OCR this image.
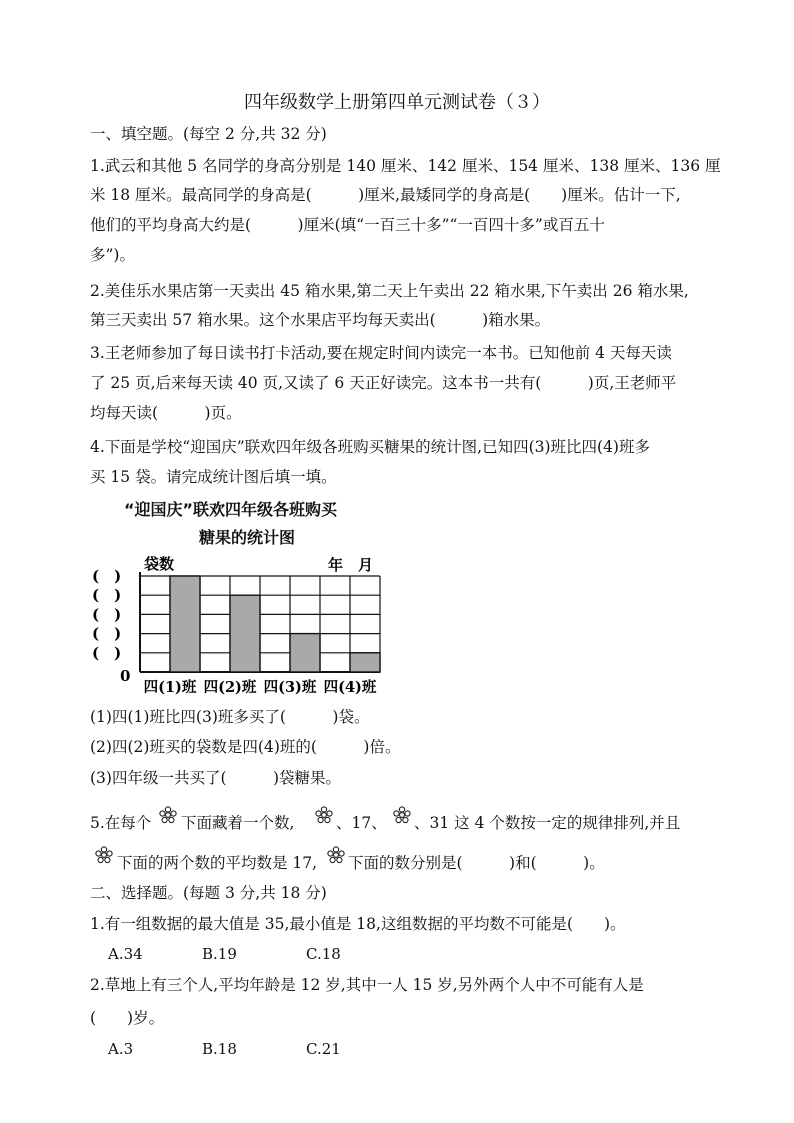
四年级数学上册第四单元测试卷（３）
一、填空题。(每空 2 分,共 32 分)
1.武云和其他 5 名同学的身高分别是 140 厘米、142 厘米、154 厘米、138 厘米、136 厘
米 18 厘米。最高同学的身高是(　　　)厘米,最矮同学的身高是(　　)厘米。估计一下,
他们的平均身高大约是(　　　)厘米(填“一百三十多”“一百四十多”或百五十
多”)。
2.美佳乐水果店第一天卖出 45 箱水果,第二天上午卖出 22 箱水果,下午卖出 26 箱水果,
第三天卖出 57 箱水果。这个水果店平均每天卖出(　　　)箱水果。
3.王老师参加了每日读书打卡活动,要在规定时间内读完一本书。已知他前 4 天每天读
了 25 页,后来每天读 40 页,又读了 6 天正好读完。这本书一共有(　　　)页,王老师平
均每天读(　　　)页。
4.下面是学校“迎国庆”联欢四年级各班购买糖果的统计图,已知四(3)班比四(4)班多
买 15 袋。请完成统计图后填一填。
“迎国庆”联欢四年级各班购买
糖果的统计图
袋数	年　月
(　)
(　)
(　)
(　)
(　)
0
四(1)班 四(2)班 四(3)班 四(4)班
(1)四(1)班比四(3)班多买了(　　　)袋。
(2)四(2)班买的袋数是四(4)班的(　　　)倍。
(3)四年级一共买了(　　　)袋糖果。
5.在每个 下面藏着一个数,	、17、 、31 这 4 个数按一定的规律排列,并且
下面的两个数的平均数是 17, 下面的数分别是(　　　)和(　　　)。
二、选择题。(每题 3 分,共 18 分)
1.有一组数据的最大值是 35,最小值是 18,这组数据的平均数不可能是(　　)。
A.34	B.19	C.18
2.草地上有三个人,平均年龄是 12 岁,其中一人 15 岁,另外两个人中不可能有人是
(　　)岁。
A.3	B.18	C.21
